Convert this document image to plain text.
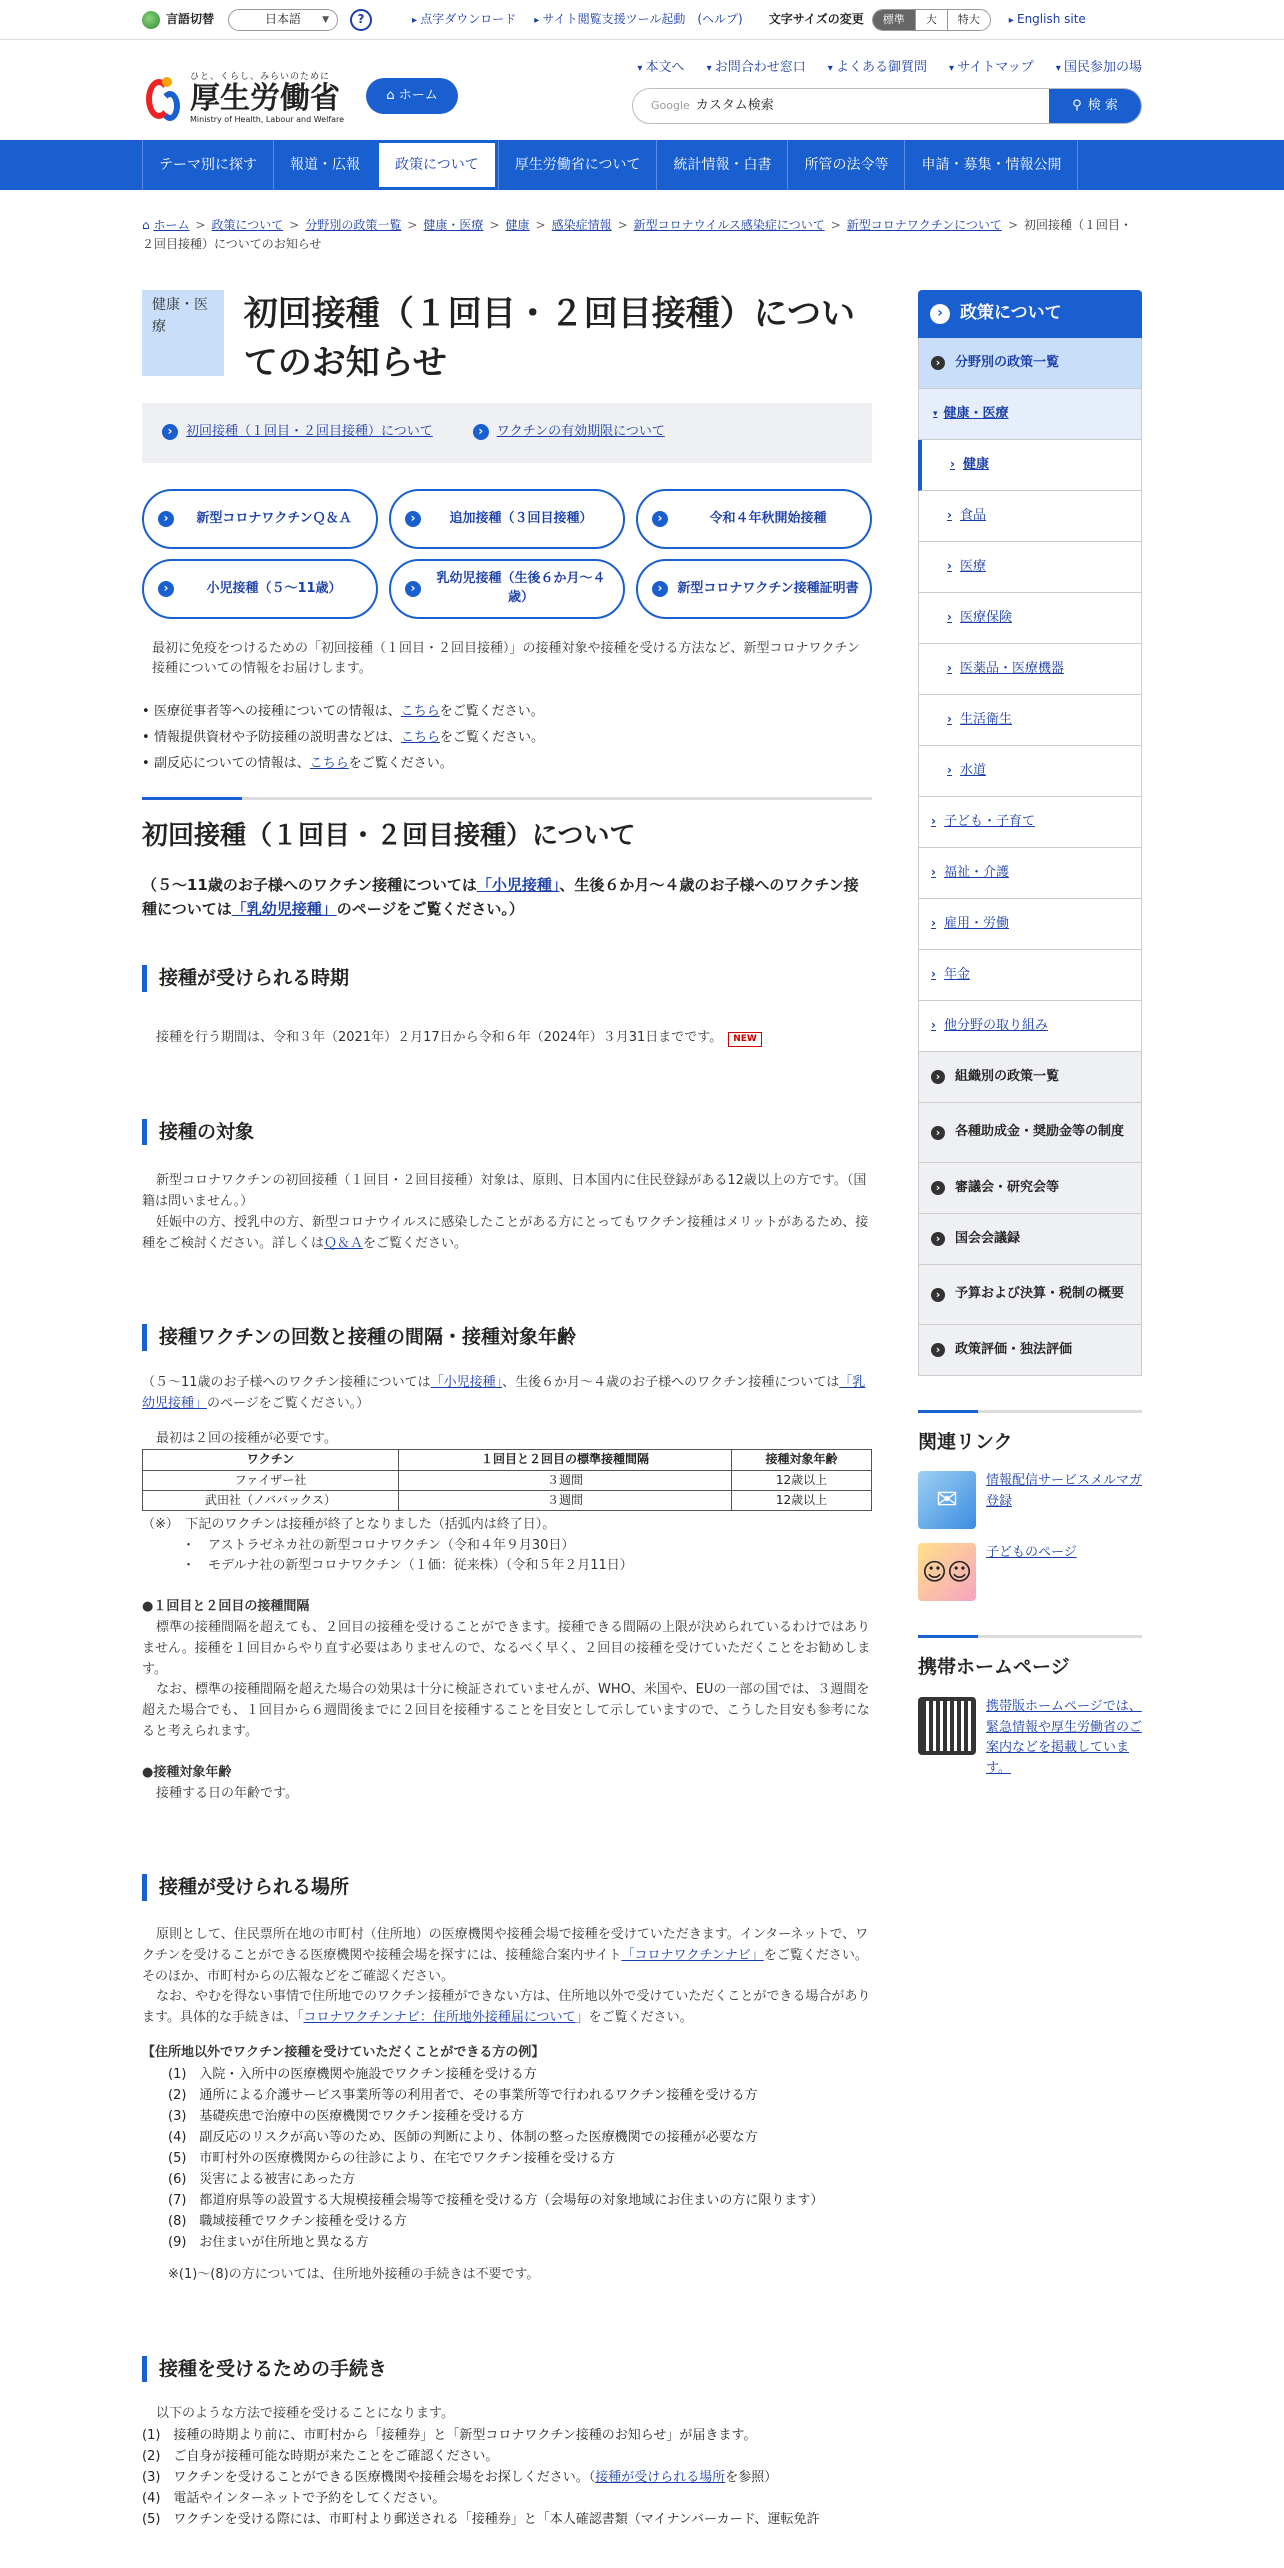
言語切替	日本語 ▼	?	▸ 点字ダウンロード	▸ サイト閲覧支援ツール起動　(ヘルプ) 文字サイズの変更	標準	大	特大	▸ English site
ひと、くらし、みらいのために
厚生労働省
Ministry of Health, Labour and Welfare
⌂ ホーム
▾ 本文へ	▾ お問合わせ窓口	▾ よくある御質問	▾ サイトマップ	▾ 国民参加の場
Google カスタム検索	⚲ 検 索
テーマ別に探す	報道・広報	政策について	厚生労働省について	統計情報・白書	所管の法令等	申請・募集・情報公開
⌂ ホーム > 政策について > 分野別の政策一覧 > 健康・医療 > 健康 > 感染症情報 > 新型コロナウイルス感染症について > 新型コロナワクチンについて > 初回接種（１回目・２回目接種）についてのお知らせ
健康・医療	初回接種（１回目・２回目接種）についてのお知らせ
› 初回接種（１回目・２回目接種）について	› ワクチンの有効期限について
› 新型コロナワクチンＱ＆Ａ	› 追加接種（３回目接種）	› 令和４年秋開始接種
› 小児接種（５～11歳）
› 乳幼児接種（生後６か月～４歳）
› 新型コロナワクチン接種証明書

最初に免疫をつけるための「初回接種（１回目・２回目接種）」の接種対象や接種を受ける方法など、新型コロナワクチン接種についての情報をお届けします。

• 医療従事者等への接種についての情報は、こちらをご覧ください。
• 情報提供資材や予防接種の説明書などは、こちらをご覧ください。
• 副反応についての情報は、こちらをご覧ください。
初回接種（１回目・２回目接種）について

（５～11歳のお子様へのワクチン接種については「小児接種」、生後６か月～４歳のお子様へのワクチン接種については「乳幼児接種」のページをご覧ください。）

接種が受けられる時期

接種を行う期間は、令和３年（2021年）２月17日から令和６年（2024年）３月31日までです。 NEW

接種の対象

新型コロナワクチンの初回接種（１回目・２回目接種）対象は、原則、日本国内に住民登録がある12歳以上の方です。（国籍は問いません。）

妊娠中の方、授乳中の方、新型コロナウイルスに感染したことがある方にとってもワクチン接種はメリットがあるため、接種をご検討ください。詳しくはＱ＆Ａをご覧ください。

接種ワクチンの回数と接種の間隔・接種対象年齢

（５～11歳のお子様へのワクチン接種については「小児接種」、生後６か月～４歳のお子様へのワクチン接種については「乳幼児接種」のページをご覧ください。）

最初は２回の接種が必要です。

ワクチン	１回目と２回目の標準接種間隔	接種対象年齢
ファイザー社	３週間	12歳以上
武田社（ノババックス）	３週間	12歳以上
（※）　下記のワクチンは接種が終了となりました（括弧内は終了日）。
・　アストラゼネカ社の新型コロナワクチン（令和４年９月30日）
・　モデルナ社の新型コロナワクチン（１価：従来株）（令和５年２月11日）

●１回目と２回目の接種間隔

標準の接種間隔を超えても、２回目の接種を受けることができます。接種できる間隔の上限が決められているわけではありません。接種を１回目からやり直す必要はありませんので、なるべく早く、２回目の接種を受けていただくことをお勧めします。

なお、標準の接種間隔を超えた場合の効果は十分に検証されていませんが、WHO、米国や、EUの一部の国では、３週間を超えた場合でも、１回目から６週間後までに２回目を接種することを目安として示していますので、こうした目安も参考になると考えられます。

●接種対象年齢

接種する日の年齢です。

接種が受けられる場所

原則として、住民票所在地の市町村（住所地）の医療機関や接種会場で接種を受けていただきます。インターネットで、ワクチンを受けることができる医療機関や接種会場を探すには、接種総合案内サイト「コロナワクチンナビ」をご覧ください。そのほか、市町村からの広報などをご確認ください。

なお、やむを得ない事情で住所地でのワクチン接種ができない方は、住所地以外で受けていただくことができる場合があります。具体的な手続きは、「コロナワクチンナビ：住所地外接種届について」をご覧ください。

【住所地以外でワクチン接種を受けていただくことができる方の例】

(1)　入院・入所中の医療機関や施設でワクチン接種を受ける方
(2)　通所による介護サービス事業所等の利用者で、その事業所等で行われるワクチン接種を受ける方
(3)　基礎疾患で治療中の医療機関でワクチン接種を受ける方
(4)　副反応のリスクが高い等のため、医師の判断により、体制の整った医療機関での接種が必要な方
(5)　市町村外の医療機関からの往診により、在宅でワクチン接種を受ける方
(6)　災害による被害にあった方
(7)　都道府県等の設置する大規模接種会場等で接種を受ける方（会場毎の対象地域にお住まいの方に限ります）
(8)　職域接種でワクチン接種を受ける方
(9)　お住まいが住所地と異なる方

※(1)～(8)の方については、住所地外接種の手続きは不要です。

接種を受けるための手続き

以下のような方法で接種を受けることになります。

(1)　接種の時期より前に、市町村から「接種券」と「新型コロナワクチン接種のお知らせ」が届きます。
(2)　ご自身が接種可能な時期が来たことをご確認ください。
(3)　ワクチンを受けることができる医療機関や接種会場をお探しください。（接種が受けられる場所を参照）
(4)　電話やインターネットで予約をしてください。
(5)　ワクチンを受ける際には、市町村より郵送される「接種券」と「本人確認書類（マイナンバーカード、運転免許
›	政策について
› 分野別の政策一覧
▾ 健康・医療
› 健康
› 食品
› 医療
› 医療保険
› 医薬品・医療機器
› 生活衛生
› 水道
› 子ども・子育て
› 福祉・介護
› 雇用・労働
› 年金
› 他分野の取り組み
› 組織別の政策一覧
› 各種助成金・奨励金等の制度
› 審議会・研究会等
› 国会会議録
› 予算および決算・税制の概要
› 政策評価・独法評価
関連リンク
✉
情報配信サービスメルマガ登録
☺☺
子どものページ
携帯ホームページ
携帯版ホームページでは、緊急情報や厚生労働省のご案内などを掲載しています。
